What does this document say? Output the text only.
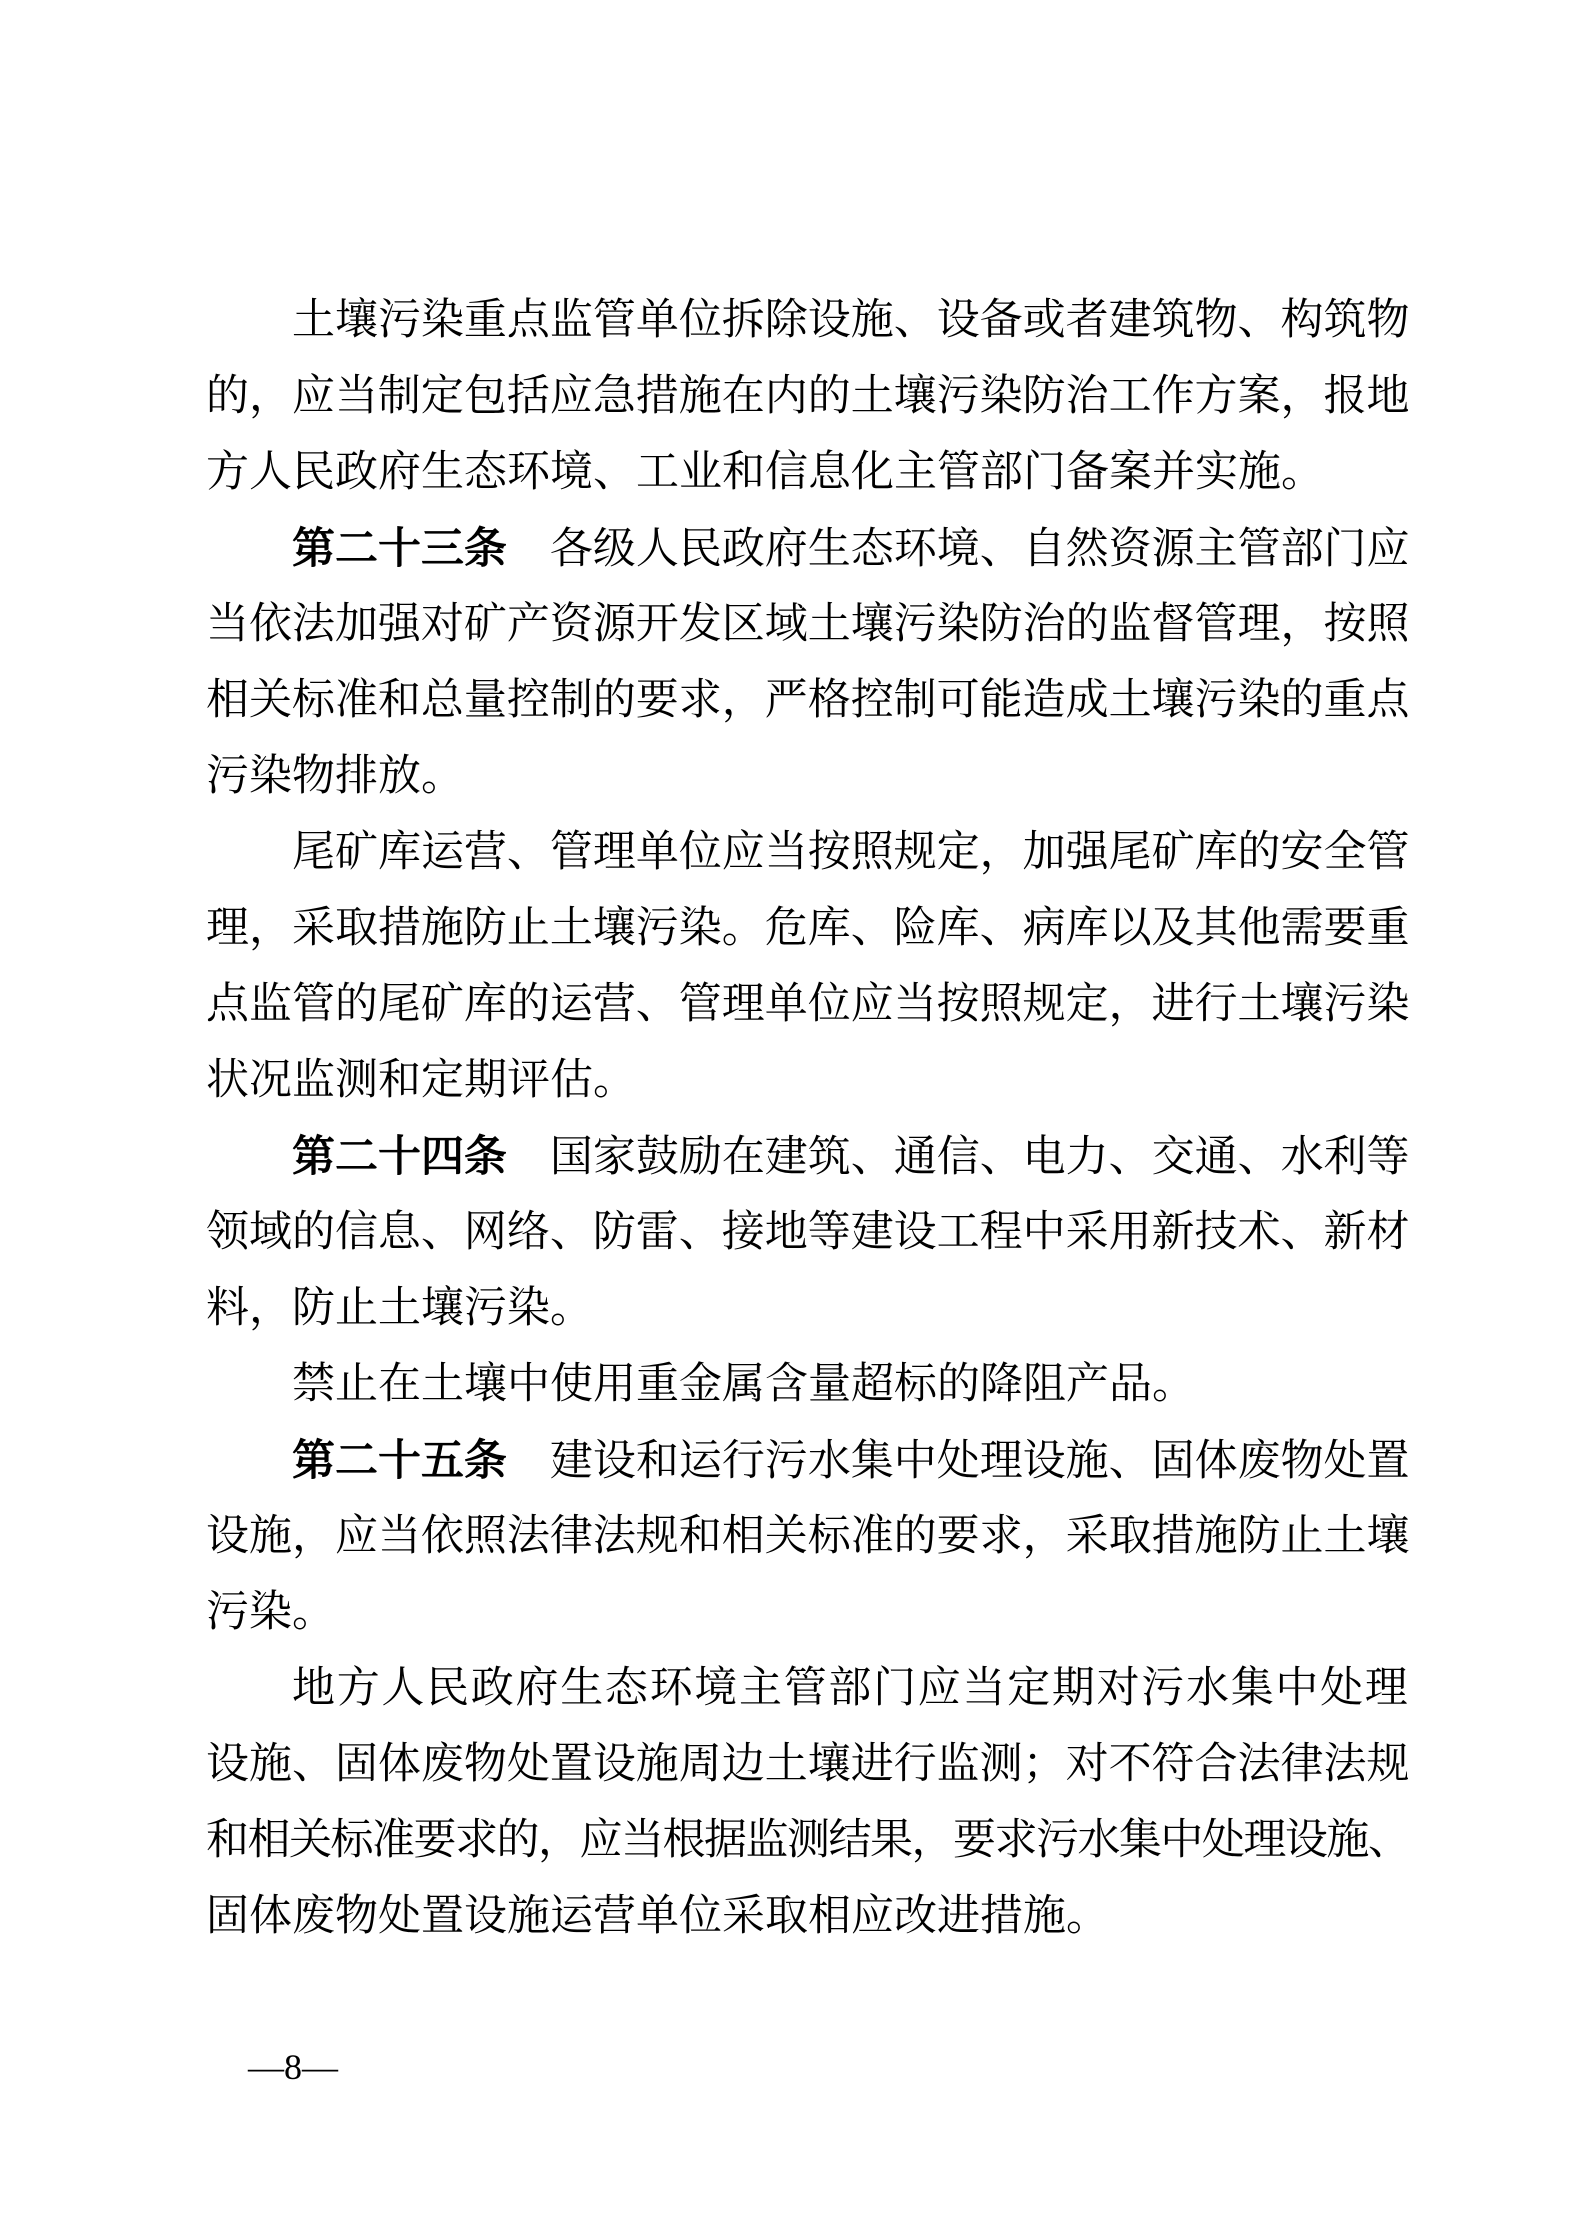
土壤污染重点监管单位拆除设施、设备或者建筑物、构筑物
的，应当制定包括应急措施在内的土壤污染防治工作方案，报地
方人民政府生态环境、工业和信息化主管部门备案并实施。
第二十三条 各级人民政府生态环境、自然资源主管部门应
当依法加强对矿产资源开发区域土壤污染防治的监督管理，按照
相关标准和总量控制的要求，严格控制可能造成土壤污染的重点
污染物排放。
尾矿库运营、管理单位应当按照规定，加强尾矿库的安全管
理，采取措施防止土壤污染。危库、险库、病库以及其他需要重
点监管的尾矿库的运营、管理单位应当按照规定，进行土壤污染
状况监测和定期评估。
第二十四条 国家鼓励在建筑、通信、电力、交通、水利等
领域的信息、网络、防雷、接地等建设工程中采用新技术、新材
料，防止土壤污染。
禁止在土壤中使用重金属含量超标的降阻产品。
第二十五条 建设和运行污水集中处理设施、固体废物处置
设施，应当依照法律法规和相关标准的要求，采取措施防止土壤
污染。
地方人民政府生态环境主管部门应当定期对污水集中处理
设施、固体废物处置设施周边土壤进行监测；对不符合法律法规
和相关标准要求的，应当根据监测结果，要求污水集中处理设施、
固体废物处置设施运营单位采取相应改进措施。
—8—
